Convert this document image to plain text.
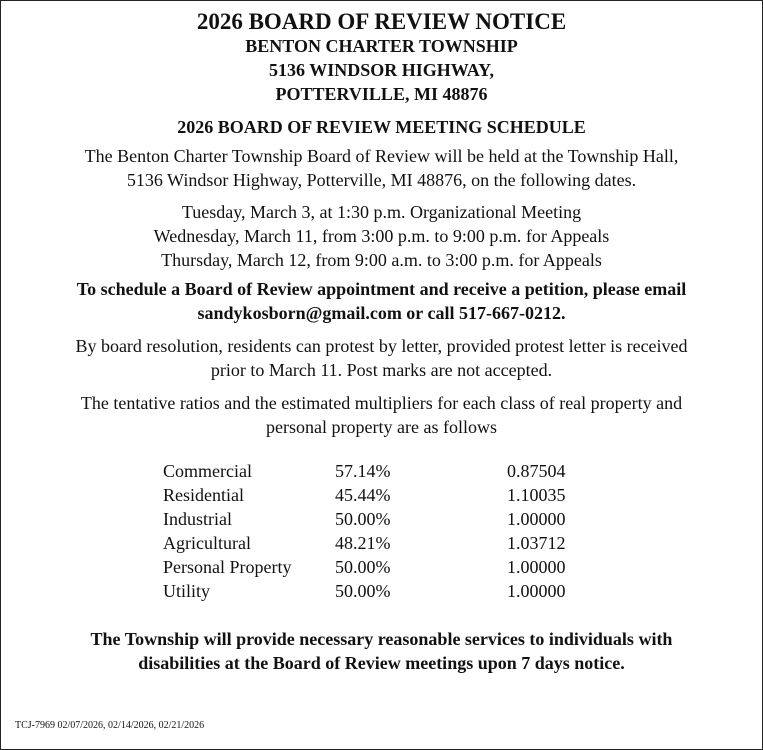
2026 BOARD OF REVIEW NOTICE

BENTON CHARTER TOWNSHIP

5136 WINDSOR HIGHWAY,

POTTERVILLE, MI 48876

2026 BOARD OF REVIEW MEETING SCHEDULE

The Benton Charter Township Board of Review will be held at the Township Hall,

5136 Windsor Highway, Potterville, MI 48876, on the following dates.

Tuesday, March 3, at 1:30 p.m. Organizational Meeting

Wednesday, March 11, from 3:00 p.m. to 9:00 p.m. for Appeals

Thursday, March 12, from 9:00 a.m. to 3:00 p.m. for Appeals

To schedule a Board of Review appointment and receive a petition, please email

sandykosborn@gmail.com or call 517-667-0212.

By board resolution, residents can protest by letter, provided protest letter is received

prior to March 11. Post marks are not accepted.

The tentative ratios and the estimated multipliers for each class of real property and

personal property are as follows

Commercial	57.14%	0.87504
Residential	45.44%	1.10035
Industrial	50.00%	1.00000
Agricultural	48.21%	1.03712
Personal Property	50.00%	1.00000
Utility	50.00%	1.00000

The Township will provide necessary reasonable services to individuals with

disabilities at the Board of Review meetings upon 7 days notice.

TCJ-7969 02/07/2026, 02/14/2026, 02/21/2026
